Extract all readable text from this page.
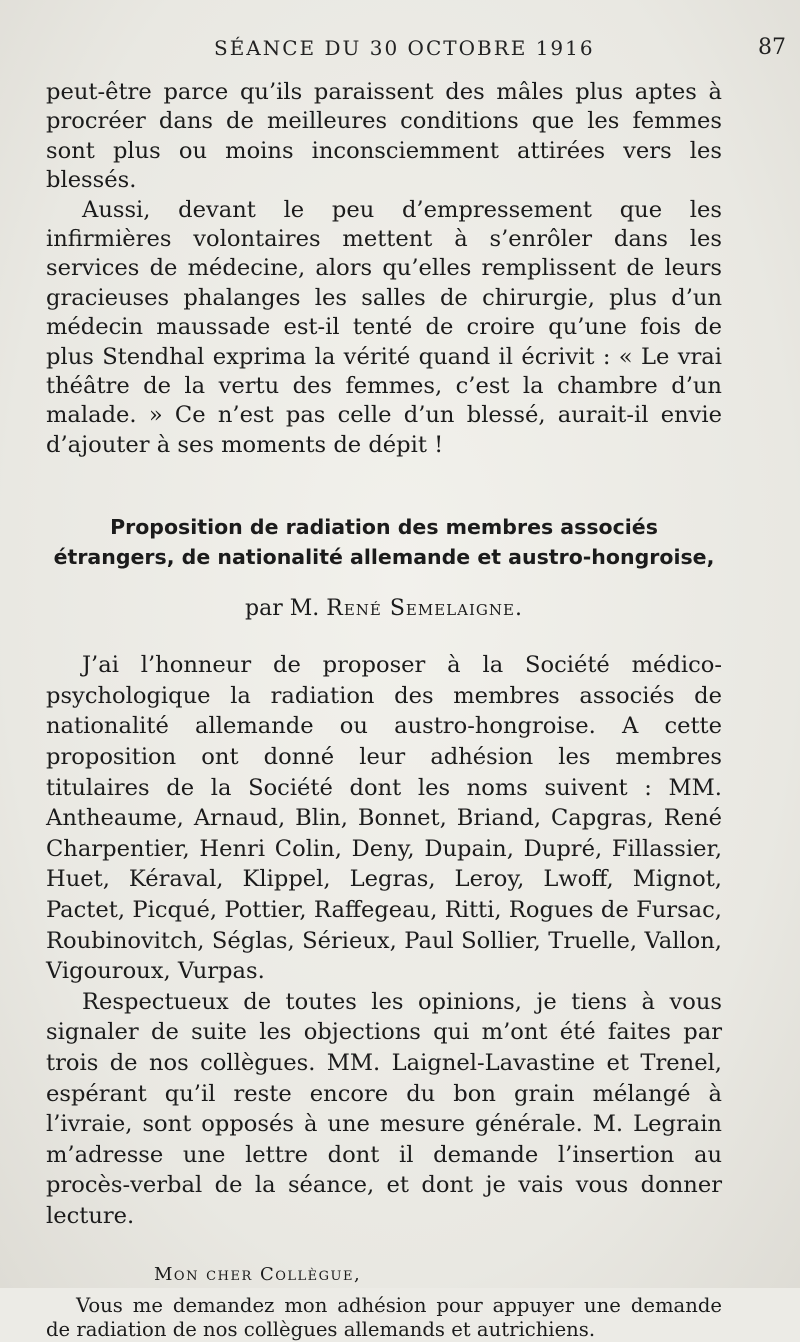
SÉANCE DU 30 OCTOBRE 1916	87

peut-être parce qu’ils paraissent des mâles plus aptes à procréer dans de meilleures conditions que les femmes sont plus ou moins inconsciemment attirées vers les blessés.

Aussi, devant le peu d’empressement que les infirmières volontaires mettent à s’enrôler dans les services de médecine, alors qu’elles remplissent de leurs gracieuses phalanges les salles de chirurgie, plus d’un médecin maussade est-il tenté de croire qu’une fois de plus Stendhal exprima la vérité quand il écrivit : « Le vrai théâtre de la vertu des femmes, c’est la chambre d’un malade. » Ce n’est pas celle d’un blessé, aurait-il envie d’ajouter à ses moments de dépit !

Proposition de radiation des membres associés
étrangers, de nationalité allemande et austro-hongroise,
par M. René Semelaigne.

J’ai l’honneur de proposer à la Société médico-psychologique la radiation des membres associés de nationalité allemande ou austro-hongroise. A cette proposition ont donné leur adhésion les membres titulaires de la Société dont les noms suivent : MM. Antheaume, Arnaud, Blin, Bonnet, Briand, Capgras, René Charpentier, Henri Colin, Deny, Dupain, Dupré, Fillassier, Huet, Kéraval, Klippel, Legras, Leroy, Lwoff, Mignot, Pactet, Picqué, Pottier, Raffegeau, Ritti, Rogues de Fursac, Roubinovitch, Séglas, Sérieux, Paul Sollier, Truelle, Vallon, Vigouroux, Vurpas.

Respectueux de toutes les opinions, je tiens à vous signaler de suite les objections qui m’ont été faites par trois de nos collègues. MM. Laignel-Lavastine et Trenel, espérant qu’il reste encore du bon grain mélangé à l’ivraie, sont opposés à une mesure générale. M. Legrain m’adresse une lettre dont il demande l’insertion au procès-verbal de la séance, et dont je vais vous donner lecture.

Mon cher Collègue,

Vous me demandez mon adhésion pour appuyer une demande de radiation de nos collègues allemands et autrichiens.
